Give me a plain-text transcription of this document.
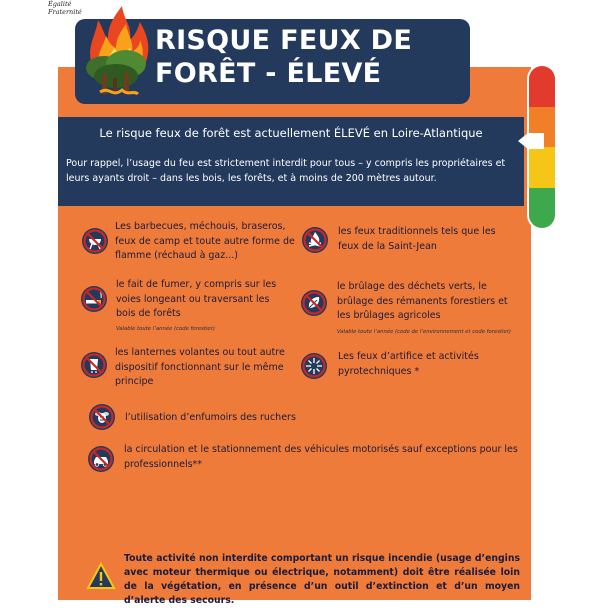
Égalité
Fraternité
RISQUE FEUX DE
FORÊT - ÉLEVÉ

Le risque feux de forêt est actuellement ÉLEVÉ en Loire-Atlantique

Pour rappel, l’usage du feu est strictement interdit pour tous – y compris les propriétaires et leurs ayants droit – dans les bois, les forêts, et à moins de 200 mètres autour.

Les barbecues, méchouis, braseros, feux de camp et toute autre forme de flamme (réchaud à gaz...)

les feux traditionnels tels que les feux de la Saint-Jean

le fait de fumer, y compris sur les voies longeant ou traversant les bois de forêts

Valable toute l’année (code forestier)

le brûlage des déchets verts, le brûlage des rémanents forestiers et les brûlages agricoles

Valable toute l’année (code de l’environnement et code forestier)

les lanternes volantes ou tout autre dispositif fonctionnant sur le même principe

Les feux d’artifice et activités pyrotechniques *

l’utilisation d’enfumoirs des ruchers

la circulation et le stationnement des véhicules motorisés sauf exceptions pour les professionnels**

Toute activité non interdite comportant un risque incendie (usage d’engins avec moteur thermique ou électrique, notamment) doit être réalisée loin de la végétation, en présence d’un outil d’extinction et d’un moyen d’alerte des secours.
